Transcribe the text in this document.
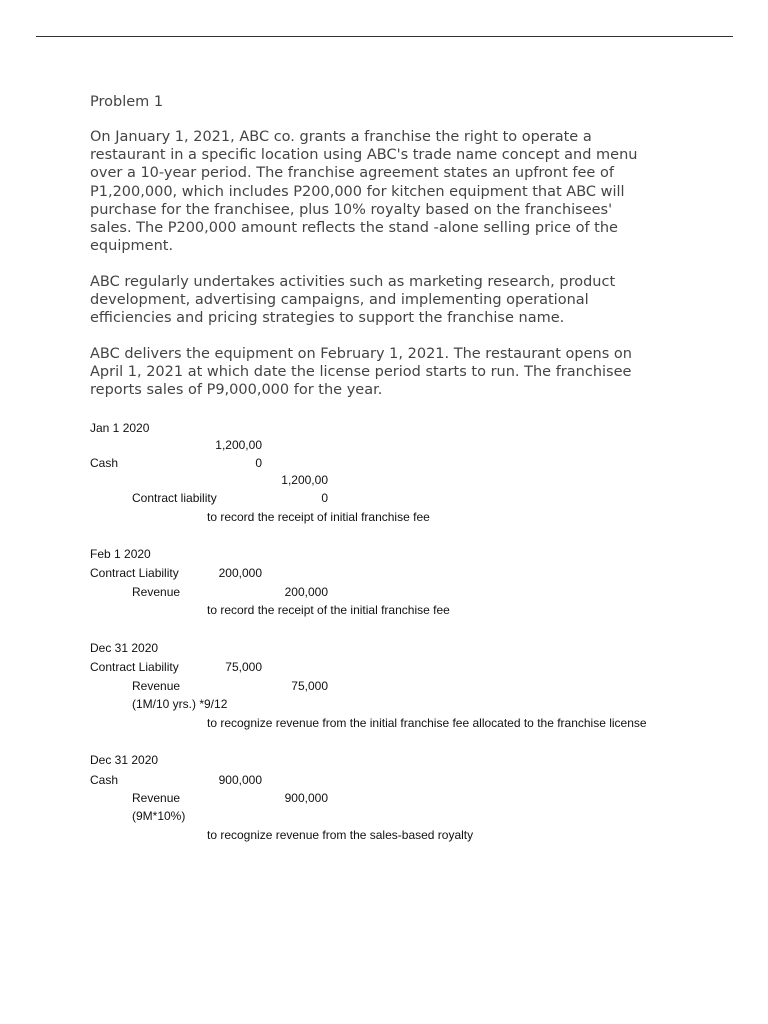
Problem 1
On January 1, 2021, ABC co. grants a franchise the right to operate a
restaurant in a specific location using ABC's trade name concept and menu
over a 10-year period. The franchise agreement states an upfront fee of
P1,200,000, which includes P200,000 for kitchen equipment that ABC will
purchase for the franchisee, plus 10% royalty based on the franchisees'
sales. The P200,000 amount reflects the stand -alone selling price of the
equipment.
ABC regularly undertakes activities such as marketing research, product
development, advertising campaigns, and implementing operational
efficiencies and pricing strategies to support the franchise name.
ABC delivers the equipment on February 1, 2021. The restaurant opens on
April 1, 2021 at which date the license period starts to run. The franchisee
reports sales of P9,000,000 for the year.
Jan 1 2020
1,200,00
Cash	0
1,200,00
Contract liability	0
to record the receipt of initial franchise fee
Feb 1 2020
Contract Liability	200,000
Revenue	200,000
to record the receipt of the initial franchise fee
Dec 31 2020
Contract Liability	75,000
Revenue	75,000
(1M/10 yrs.) *9/12
to recognize revenue from the initial franchise fee allocated to the franchise license
Dec 31 2020
Cash	900,000
Revenue	900,000
(9M*10%)
to recognize revenue from the sales-based royalty
